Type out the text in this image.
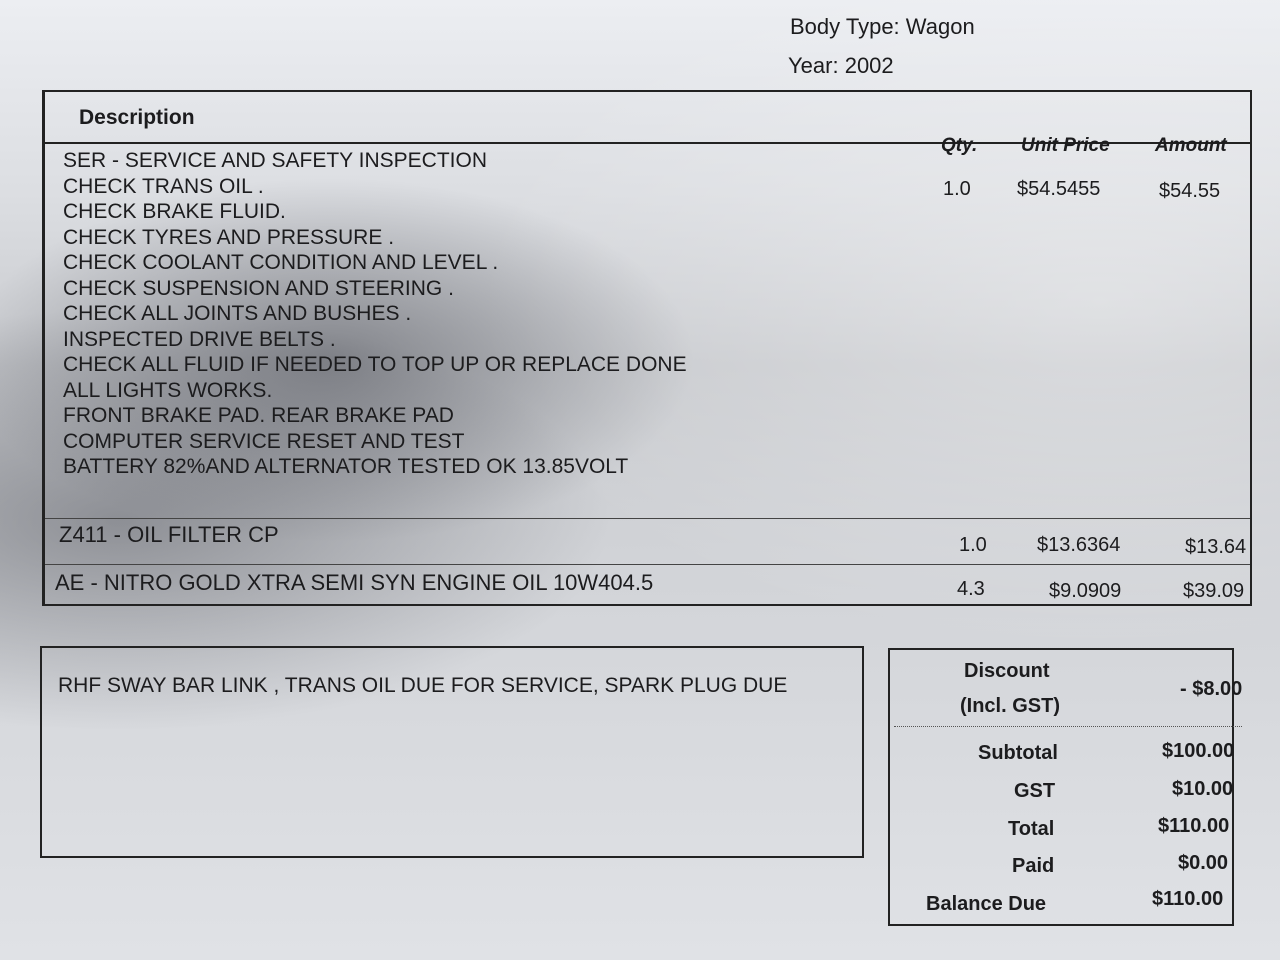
Body Type: Wagon
Year: 2002
Description
Qty. Unit Price Amount
SER - SERVICE AND SAFETY INSPECTION
CHECK TRANS OIL .
CHECK BRAKE FLUID.
CHECK TYRES AND PRESSURE .
CHECK COOLANT CONDITION AND LEVEL .
CHECK SUSPENSION AND STEERING .
CHECK ALL JOINTS AND BUSHES .
INSPECTED DRIVE BELTS .
CHECK ALL FLUID IF NEEDED TO TOP UP OR REPLACE DONE
ALL LIGHTS WORKS.
FRONT BRAKE PAD. REAR BRAKE PAD
COMPUTER SERVICE RESET AND TEST
BATTERY 82%AND ALTERNATOR TESTED OK 13.85VOLT
1.0 $54.5455	$54.55
Z411 - OIL FILTER CP	1.0	$13.6364	$13.64
AE - NITRO GOLD XTRA SEMI SYN ENGINE OIL 10W404.5	4.3	$9.0909	$39.09
RHF SWAY BAR LINK , TRANS OIL DUE FOR SERVICE, SPARK PLUG DUE
Discount
(Incl. GST)
- $8.00
Subtotal	$100.00
GST	$10.00
Total	$110.00
Paid	$0.00
Balance Due	$110.00
